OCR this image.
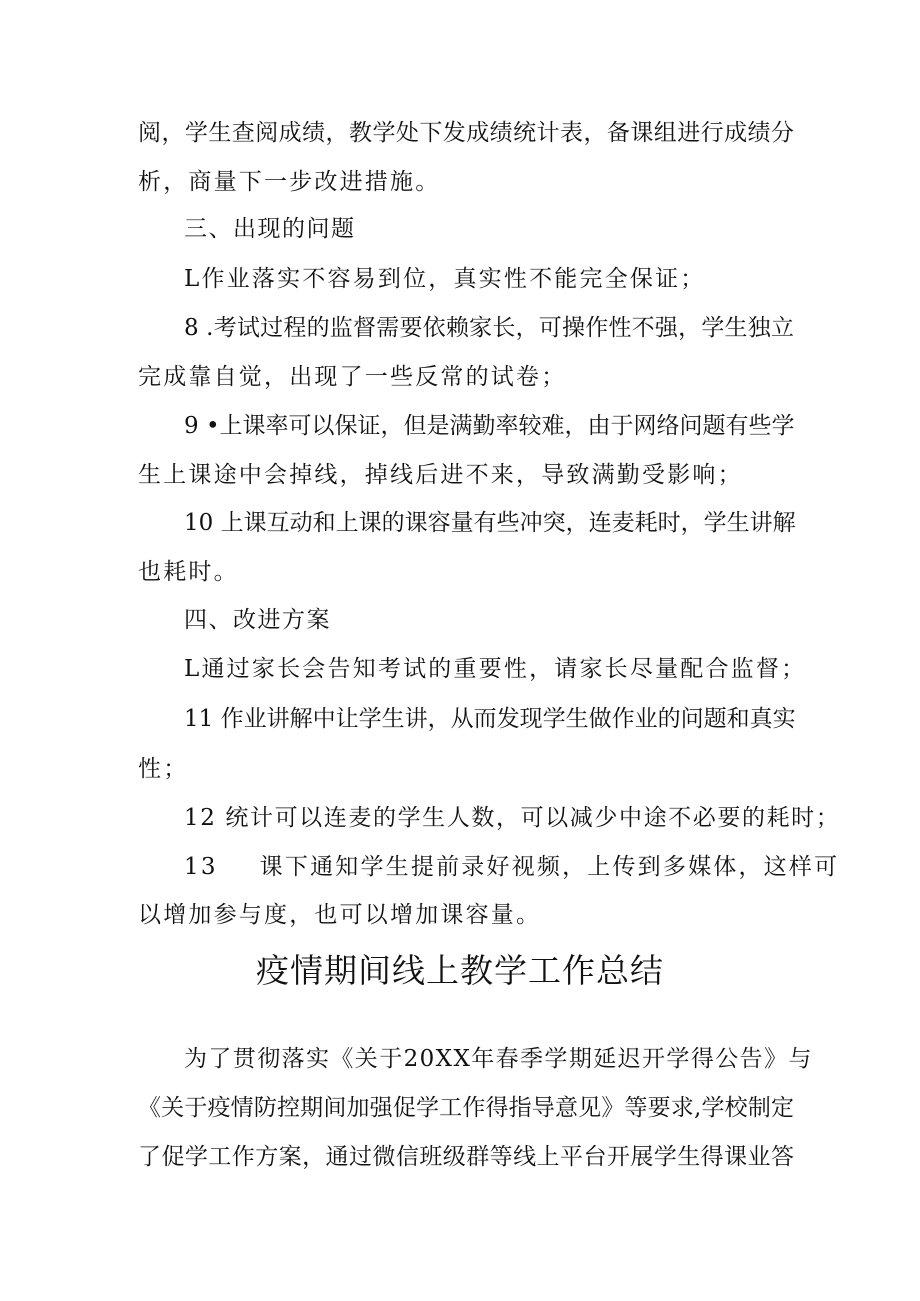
阅，学生查阅成绩，教学处下发成绩统计表，备课组进行成绩分
析，商量下一步改进措施。
三、出现的问题
L作业落实不容易到位，真实性不能完全保证；
8 .考试过程的监督需要依赖家长，可操作性不强，学生独立
完成靠自觉，出现了一些反常的试卷；
9 •上课率可以保证，但是满勤率较难，由于网络问题有些学
生上课途中会掉线，掉线后进不来，导致满勤受影响；
10 上课互动和上课的课容量有些冲突，连麦耗时，学生讲解
也耗时。
四、改进方案
L通过家长会告知考试的重要性，请家长尽量配合监督；
11 作业讲解中让学生讲，从而发现学生做作业的问题和真实
性；
12 统计可以连麦的学生人数，可以减少中途不必要的耗时；
13 课下通知学生提前录好视频，上传到多媒体，这样可
以增加参与度，也可以增加课容量。
疫情期间线上教学工作总结
为了贯彻落实《关于20XX年春季学期延迟开学得公告》与
《关于疫情防控期间加强促学工作得指导意见》等要求,学校制定
了促学工作方案，通过微信班级群等线上平台开展学生得课业答
